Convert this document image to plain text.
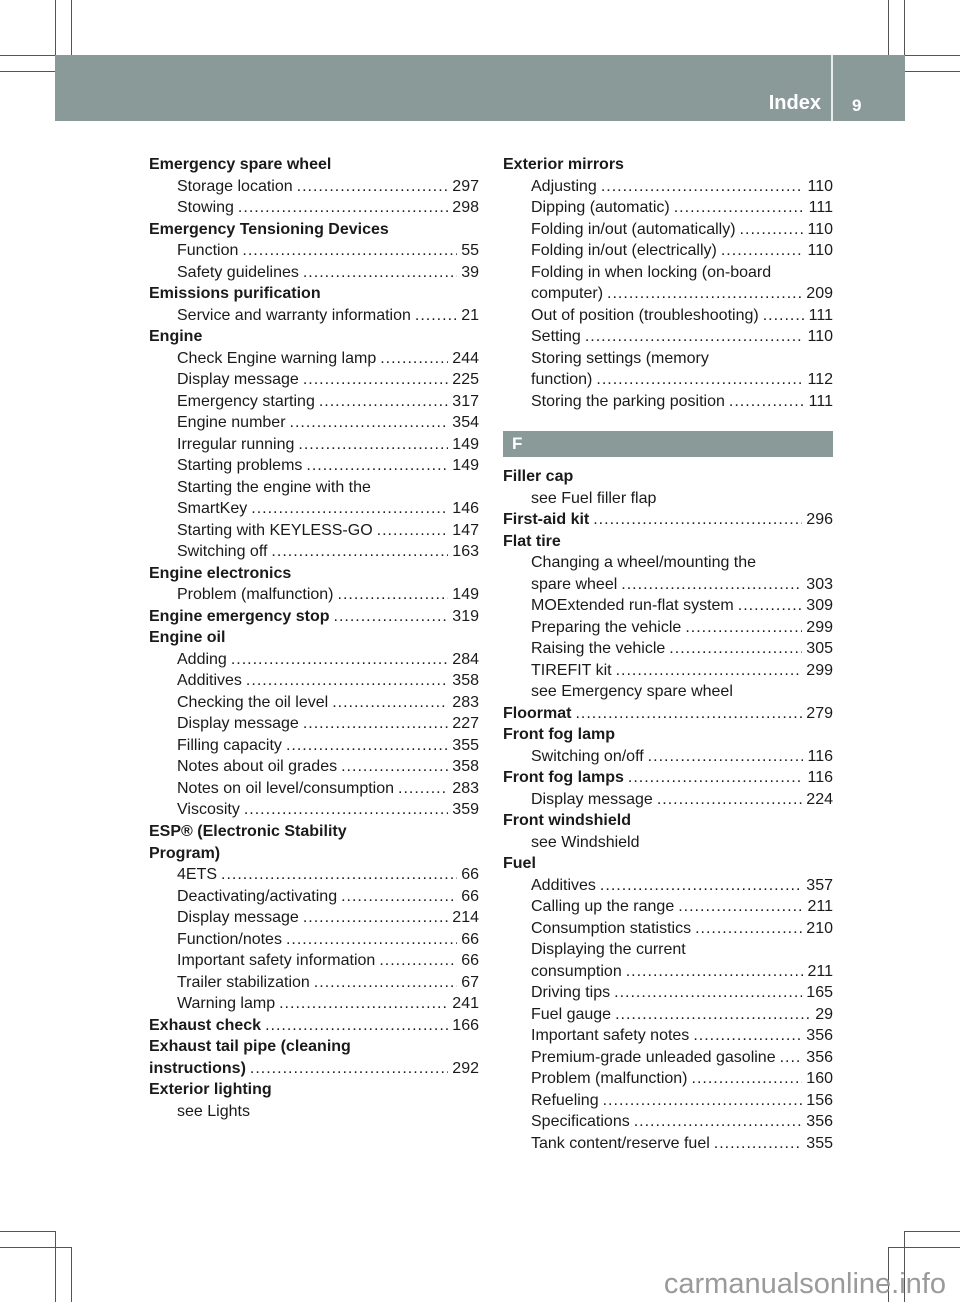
Index 9
Emergency spare wheel
Storage location .....	297
Stowing .....	298
Emergency Tensioning Devices
Function .....	55
Safety guidelines .....	39
Emissions purification
Service and warranty information .....	21
Engine
Check Engine warning lamp .....	244
Display message .....	225
Emergency starting .....	317
Engine number .....	354
Irregular running .....	149
Starting problems .....	149
Starting the engine with the
SmartKey .....	146
Starting with KEYLESS-GO .....	147
Switching off .....	163
Engine electronics
Problem (malfunction) .....	149
Engine emergency stop .....	319
Engine oil
Adding .....	284
Additives .....	358
Checking the oil level .....	283
Display message .....	227
Filling capacity .....	355
Notes about oil grades .....	358
Notes on oil level/consumption .....	283
Viscosity .....	359
ESP® (Electronic Stability
Program)
4ETS .....	66
Deactivating/activating .....	66
Display message .....	214
Function/notes .....	66
Important safety information .....	66
Trailer stabilization .....	67
Warning lamp .....	241
Exhaust check .....	166
Exhaust tail pipe (cleaning
instructions) .....	292
Exterior lighting
see Lights
Exterior mirrors
Adjusting .....	110
Dipping (automatic) .....	111
Folding in/out (automatically) .....	110
Folding in/out (electrically) .....	110
Folding in when locking (on-board
computer) .....	209
Out of position (troubleshooting) .....	111
Setting .....	110
Storing settings (memory
function) .....	112
Storing the parking position .....	111
F
Filler cap
see Fuel filler flap
First-aid kit .....	296
Flat tire
Changing a wheel/mounting the
spare wheel .....	303
MOExtended run-flat system .....	309
Preparing the vehicle .....	299
Raising the vehicle .....	305
TIREFIT kit .....	299
see Emergency spare wheel
Floormat .....	279
Front fog lamp
Switching on/off .....	116
Front fog lamps .....	116
Display message .....	224
Front windshield
see Windshield
Fuel
Additives .....	357
Calling up the range .....	211
Consumption statistics .....	210
Displaying the current
consumption .....	211
Driving tips .....	165
Fuel gauge .....	29
Important safety notes .....	356
Premium-grade unleaded gasoline ..... 356
Problem (malfunction) .....	160
Refueling .....	156
Specifications .....	356
Tank content/reserve fuel .....	355
carmanualsonline.info
